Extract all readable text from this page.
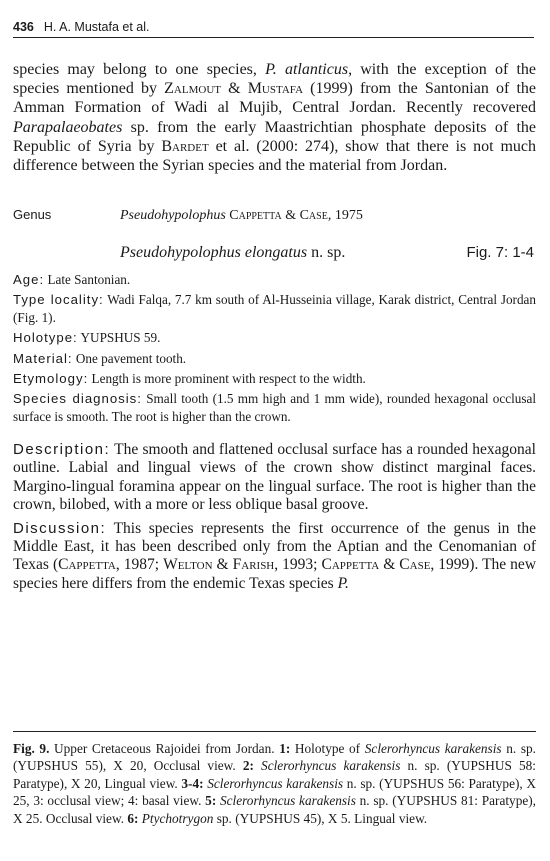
436 H. A. Mustafa et al.

species may belong to one species, P. atlanticus, with the exception of the species mentioned by Zalmout & Mustafa (1999) from the Santonian of the Amman Formation of Wadi al Mujib, Central Jordan. Recently recovered Parapalaeobates sp. from the early Maastrichtian phosphate deposits of the Republic of Syria by Bardet et al. (2000: 274), show that there is not much difference between the Syrian species and the material from Jordan.

Genus	Pseudohypolophus Cappetta & Case, 1975
Pseudohypolophus elongatus n. sp.	Fig. 7: 1-4

Age: Late Santonian.

Type locality: Wadi Falqa, 7.7 km south of Al-Husseinia village, Karak district, Central Jordan (Fig. 1).

Holotype: YUPSHUS 59.

Material: One pavement tooth.

Etymology: Length is more prominent with respect to the width.

Species diagnosis: Small tooth (1.5 mm high and 1 mm wide), rounded hexagonal occlusal surface is smooth. The root is higher than the crown.

Description: The smooth and flattened occlusal surface has a rounded hexagonal outline. Labial and lingual views of the crown show distinct marginal faces. Margino-lingual foramina appear on the lingual surface. The root is higher than the crown, bilobed, with a more or less oblique basal groove.

Discussion: This species represents the first occurrence of the genus in the Middle East, it has been described only from the Aptian and the Cenomanian of Texas (Cappetta, 1987; Welton & Farish, 1993; Cappetta & Case, 1999). The new species here differs from the endemic Texas species P.

Fig. 9. Upper Cretaceous Rajoidei from Jordan. 1: Holotype of Sclerorhyncus karakensis n. sp. (YUPSHUS 55), X 20, Occlusal view. 2: Sclerorhyncus karakensis n. sp. (YUPSHUS 58: Paratype), X 20, Lingual view. 3-4: Sclerorhyncus karakensis n. sp. (YUPSHUS 56: Paratype), X 25, 3: occlusal view; 4: basal view. 5: Sclerorhyncus karakensis n. sp. (YUPSHUS 81: Paratype), X 25. Occlusal view. 6: Ptychotrygon sp. (YUPSHUS 45), X 5. Lingual view.
